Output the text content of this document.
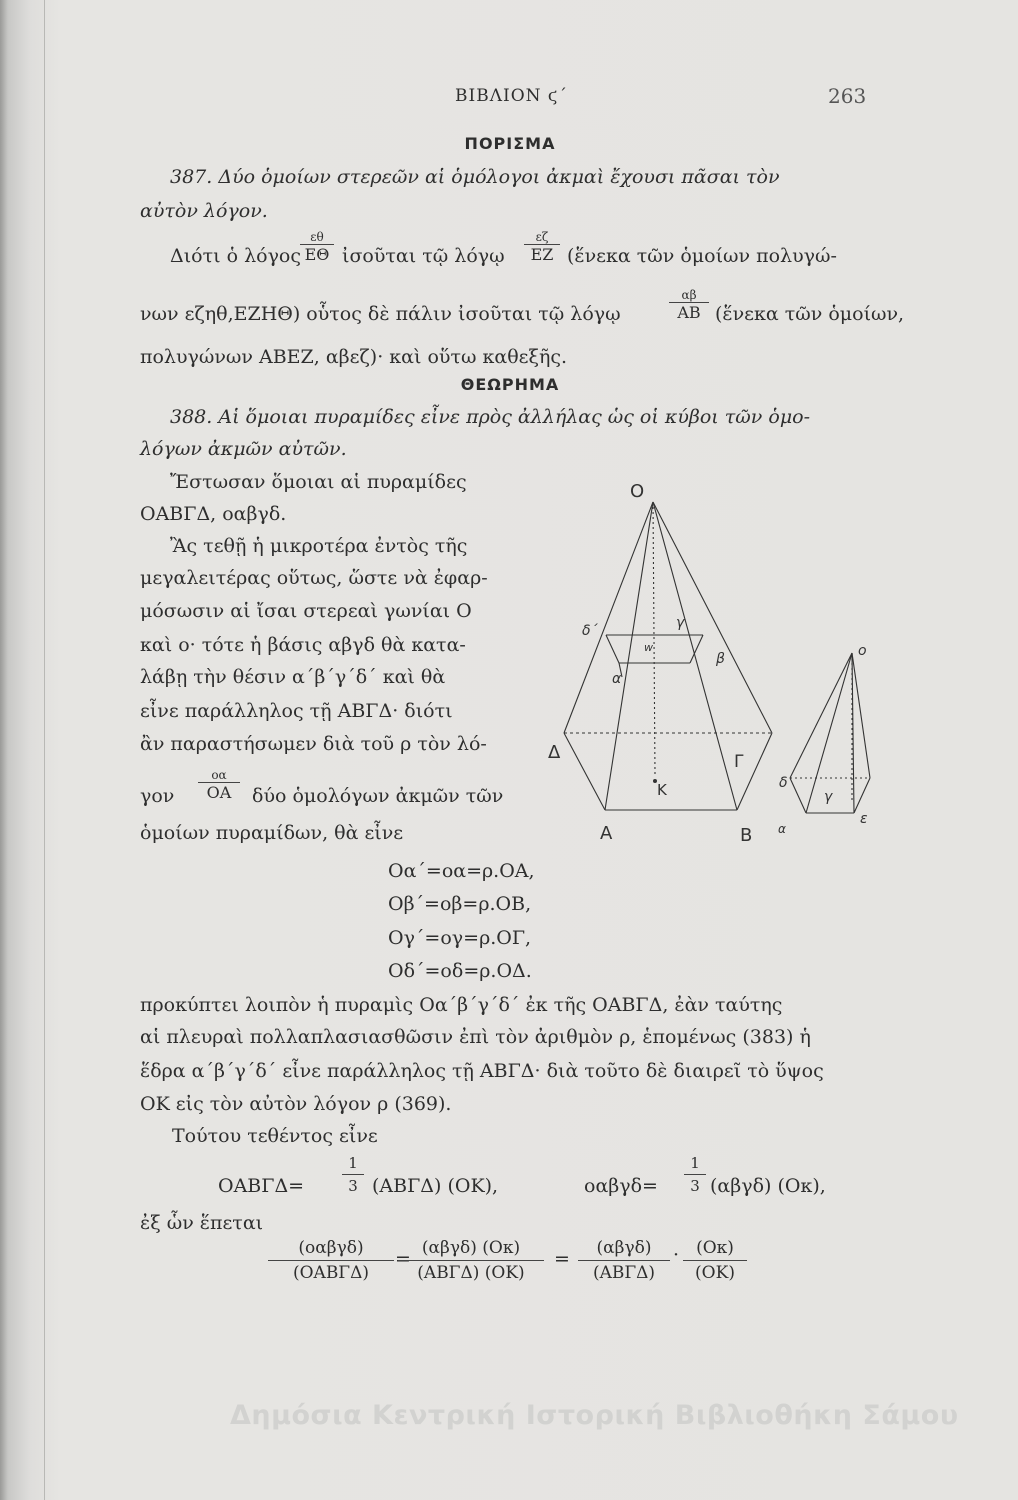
ΒΙΒΛΙΟΝ ϛ΄	263
ΠΟΡΙΣΜΑ
387. Δύο ὁμοίων στερεῶν αἱ ὁμόλογοι ἀκμαὶ ἔχουσι πᾶσαι τὸν
αὐτὸν λόγον.
Διότι ὁ λόγος
εθ
ΕΘ ἰσοῦται τῷ λόγῳ
εζ
ΕΖ (ἕνεκα τῶν ὁμοίων πολυγώ-
νων εζηθ,ΕΖΗΘ) οὗτος δὲ πάλιν ἰσοῦται τῷ λόγῳ
αβ
ΑΒ (ἕνεκα τῶν ὁμοίων,
πολυγώνων ΑΒΕΖ, αβεζ)· καὶ οὕτω καθεξῆς.
ΘΕΩΡΗΜΑ
388. Αἱ ὅμοιαι πυραμίδες εἶνε πρὸς ἀλλήλας ὡς οἱ κύβοι τῶν ὁμο-
λόγων ἀκμῶν αὐτῶν.
Ἔστωσαν ὅμοιαι αἱ πυραμίδες
ΟΑΒΓΔ, οαβγδ.
Ἂς τεθῇ ἡ μικροτέρα ἐντὸς τῆς
μεγαλειτέρας οὕτως, ὥστε νὰ ἐφαρ-
μόσωσιν αἱ ἴσαι στερεαὶ γωνίαι Ο
καὶ ο· τότε ἡ βάσις αβγδ θὰ κατα-
λάβῃ τὴν θέσιν α΄β΄γ΄δ΄ καὶ θὰ
εἶνε παράλληλος τῇ ΑΒΓΔ· διότι
ἂν παραστήσωμεν διὰ τοῦ ρ τὸν λό-
γον
οα
ΟΑ	δύο ὁμολόγων ἀκμῶν τῶν
ὁμοίων πυραμίδων, θὰ εἶνε
Οα΄=οα=ρ.ΟΑ,
Οβ΄=οβ=ρ.ΟΒ,
Ογ΄=ογ=ρ.ΟΓ,
Οδ΄=οδ=ρ.ΟΔ.
προκύπτει λοιπὸν ἡ πυραμὶς Οα΄β΄γ΄δ΄ ἐκ τῆς ΟΑΒΓΔ, ἐὰν ταύτης
αἱ πλευραὶ πολλαπλασιασθῶσιν ἐπὶ τὸν ἀριθμὸν ρ, ἑπομένως (383) ἡ
ἕδρα α΄β΄γ΄δ΄ εἶνε παράλληλος τῇ ΑΒΓΔ· διὰ τοῦτο δὲ διαιρεῖ τὸ ὕψος
ΟΚ εἰς τὸν αὐτὸν λόγον ρ (369).
Τούτου τεθέντος εἶνε
ΟΑΒΓΔ=	$\frac{1}{3} (AB\Gamma\Delta)$ (ΟΚ),	$o\alpha\beta\gamma\delta= \frac{1}{3} (\alpha\beta\gamma\delta)$ (Οκ),
ἐξ ὧν ἕπεται
(οαβγδ)
(ΟΑΒΓΔ)
= (αβγδ) (Οκ)
(ΑΒΓΔ) (ΟΚ)
=	(αβγδ)
(ΑΒΓΔ)
· $\frac{(O\kappa)}{(OK)}$
O
A	B
Γ
Δ
K
α
β
γ
δ΄
w	o
α
ε
γ
δ
Δημόσια Κεντρική Ιστορική Βιβλιοθήκη Σάμου
